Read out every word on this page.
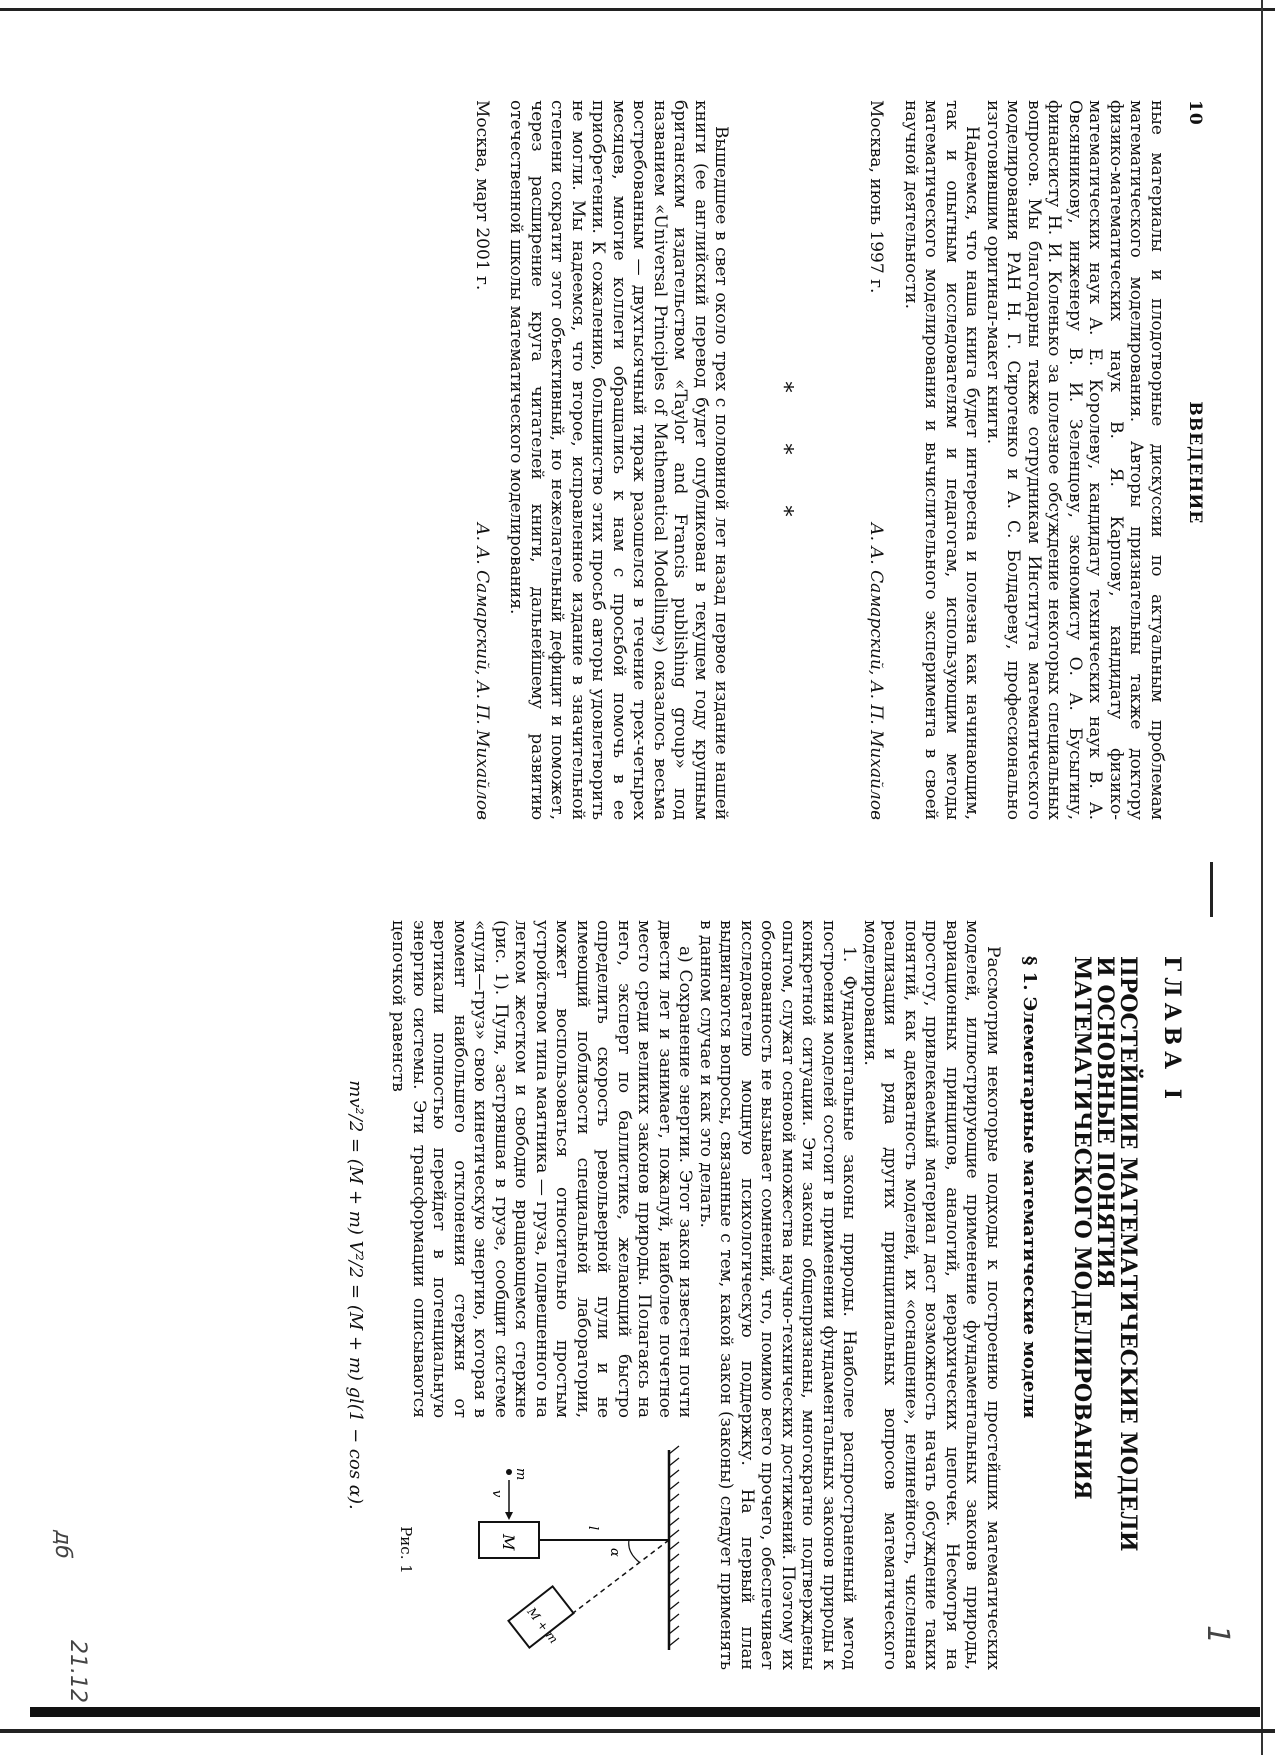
10
ВВЕДЕНИЕ

ные материалы и плодотворные дискуссии по актуальным проблемам математического моделирования. Авторы признательны также доктору физико-математических наук В. Я. Карпову, кандидату физико-математических наук А. Е. Королеву, кандидату технических наук В. А. Овсянникову, инженеру В. И. Зеленцову, экономисту О. А. Бусыгину, финансисту Н. И. Коленько за полезное обсуждение некоторых специальных вопросов. Мы благодарны также сотрудникам Института математического моделирования РАН Н. Г. Сиротенко и А. С. Болдареву, профессионально изготовившим оригинал-макет книги.

Надеемся, что наша книга будет интересна и полезна как начинающим, так и опытным исследователям и педагогам, использующим методы математического моделирования и вычислительного эксперимента в своей научной деятельности.

Москва, июнь 1997 г.
А. А. Самарский, А. П. Михайлов
* * *

Вышедшее в свет около трех с половиной лет назад первое издание нашей книги (ее английский перевод будет опубликован в текущем году крупным британским издательством «Taylor and Francis publishing group» под названием «Universal Principles of Mathematical Modelling») оказалось весьма востребованным — двухтысячный тираж разошелся в течение трех-четырех месяцев, многие коллеги обращались к нам с просьбой помочь в ее приобретении. К сожалению, большинство этих просьб авторы удовлетворить не могли. Мы надеемся, что второе, исправленное издание в значительной степени сократит этот объективный, но нежелательный дефицит и поможет, через расширение круга читателей книги, дальнейшему развитию отечественной школы математического моделирования.

Москва, март 2001 г.
А. А. Самарский, А. П. Михайлов
ГЛАВА I
ПРОСТЕЙШИЕ МАТЕМАТИЧЕСКИЕ МОДЕЛИ
И ОСНОВНЫЕ ПОНЯТИЯ
МАТЕМАТИЧЕСКОГО МОДЕЛИРОВАНИЯ
§ 1. Элементарные математические модели

Рассмотрим некоторые подходы к построению простейших математических моделей, иллюстрирующие применение фундаментальных законов природы, вариационных принципов, аналогий, иерархических цепочек. Несмотря на простоту, привлекаемый материал даст возможность начать обсуждение таких понятий, как адекватность моделей, их «оснащение», нелинейность, численная реализация и ряда других принципиальных вопросов математического моделирования.

1. Фундаментальные законы природы. Наиболее распространенный метод построения моделей состоит в применении фундаментальных законов природы к конкретной ситуации. Эти законы общепризнаны, многократно подтверждены опытом, служат основой множества научно-технических достижений. Поэтому их обоснованность не вызывает сомнений, что, помимо всего прочего, обеспечивает исследователю мощную психологическую поддержку. На первый план выдвигаются вопросы, связанные с тем, какой закон (законы) следует применять в данном случае и как это делать.

M
M + m
α
l
m
v
Рис. 1

а) Сохранение энергии. Этот закон известен почти двести лет и занимает, пожалуй, наиболее почетное место среди великих законов природы. Полагаясь на него, эксперт по баллистике, желающий быстро определить скорость револьверной пули и не имеющий поблизости специальной лаборатории, может воспользоваться относительно простым устройством типа маятника — груза, подвешенного на легком жестком и свободно вращающемся стержне (рис. 1). Пуля, застрявшая в грузе, сообщит системе «пуля—груз» свою кинетическую энергию, которая в момент наибольшего отклонения стержня от вертикали полностью перейдет в потенциальную энергию системы. Эти трансформации описываются цепочкой равенств

mv²/2 = (M + m) V²/2 = (M + m) gl(1 − cos α).
1
21.12
дб
